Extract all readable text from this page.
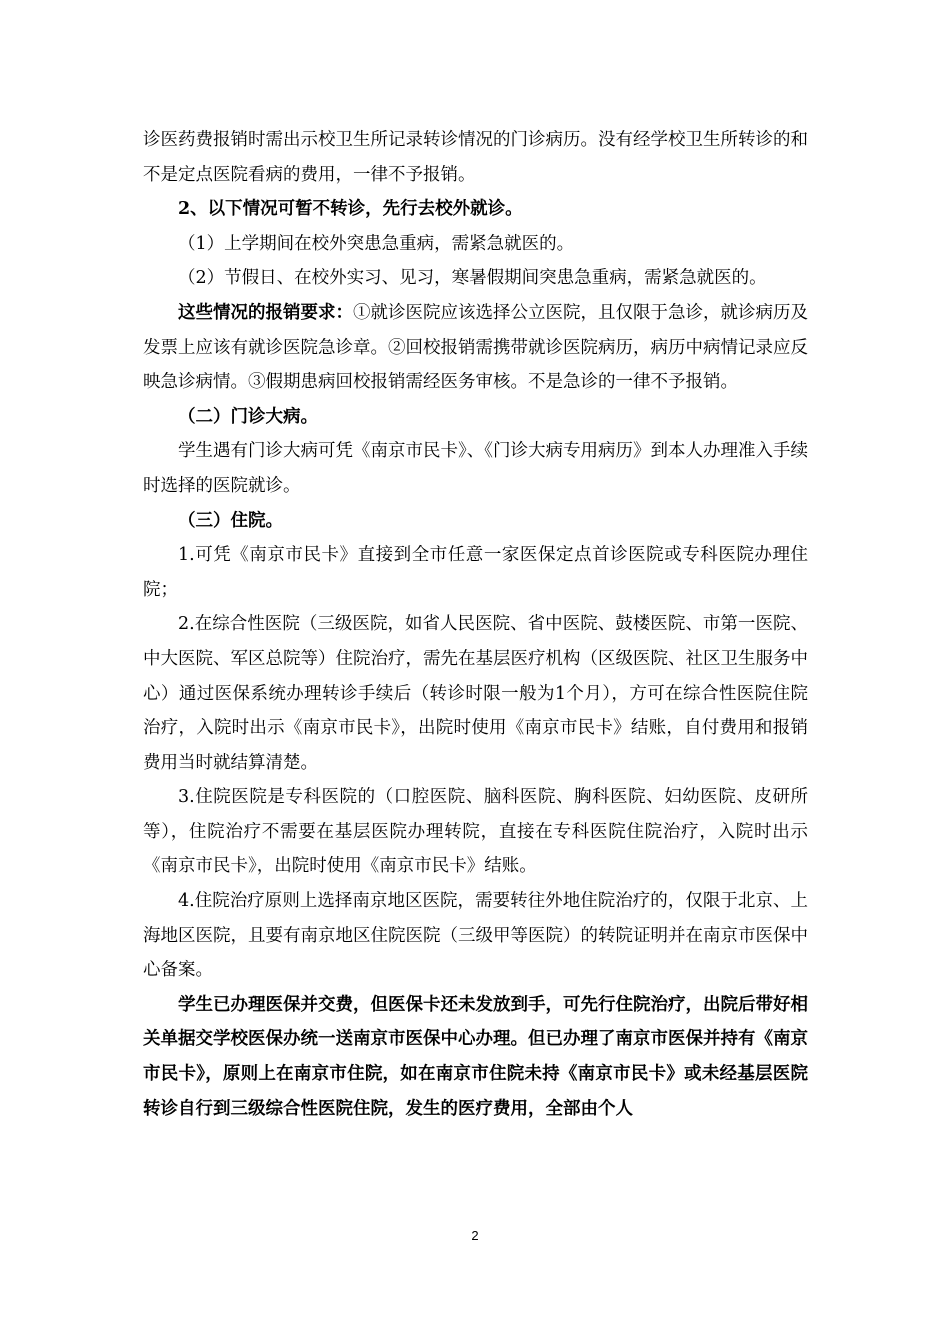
诊医药费报销时需出示校卫生所记录转诊情况的门诊病历。没有经学校卫生所转诊的和不是定点医院看病的费用，一律不予报销。

2、以下情况可暂不转诊，先行去校外就诊。

（1）上学期间在校外突患急重病，需紧急就医的。

（2）节假日、在校外实习、见习，寒暑假期间突患急重病，需紧急就医的。

这些情况的报销要求：①就诊医院应该选择公立医院，且仅限于急诊，就诊病历及发票上应该有就诊医院急诊章。②回校报销需携带就诊医院病历，病历中病情记录应反映急诊病情。③假期患病回校报销需经医务审核。不是急诊的一律不予报销。

（二）门诊大病。

学生遇有门诊大病可凭《南京市民卡》、《门诊大病专用病历》到本人办理准入手续时选择的医院就诊。

（三）住院。

1.可凭《南京市民卡》直接到全市任意一家医保定点首诊医院或专科医院办理住院；

2.在综合性医院（三级医院，如省人民医院、省中医院、鼓楼医院、市第一医院、中大医院、军区总院等）住院治疗，需先在基层医疗机构（区级医院、社区卫生服务中心）通过医保系统办理转诊手续后（转诊时限一般为1个月），方可在综合性医院住院治疗，入院时出示《南京市民卡》，出院时使用《南京市民卡》结账，自付费用和报销费用当时就结算清楚。

3.住院医院是专科医院的（口腔医院、脑科医院、胸科医院、妇幼医院、皮研所等），住院治疗不需要在基层医院办理转院，直接在专科医院住院治疗，入院时出示《南京市民卡》，出院时使用《南京市民卡》结账。

4.住院治疗原则上选择南京地区医院，需要转往外地住院治疗的，仅限于北京、上海地区医院，且要有南京地区住院医院（三级甲等医院）的转院证明并在南京市医保中心备案。

学生已办理医保并交费，但医保卡还未发放到手，可先行住院治疗，出院后带好相关单据交学校医保办统一送南京市医保中心办理。但已办理了南京市医保并持有《南京市民卡》，原则上在南京市住院，如在南京市住院未持《南京市民卡》或未经基层医院转诊自行到三级综合性医院住院，发生的医疗费用，全部由个人

2
